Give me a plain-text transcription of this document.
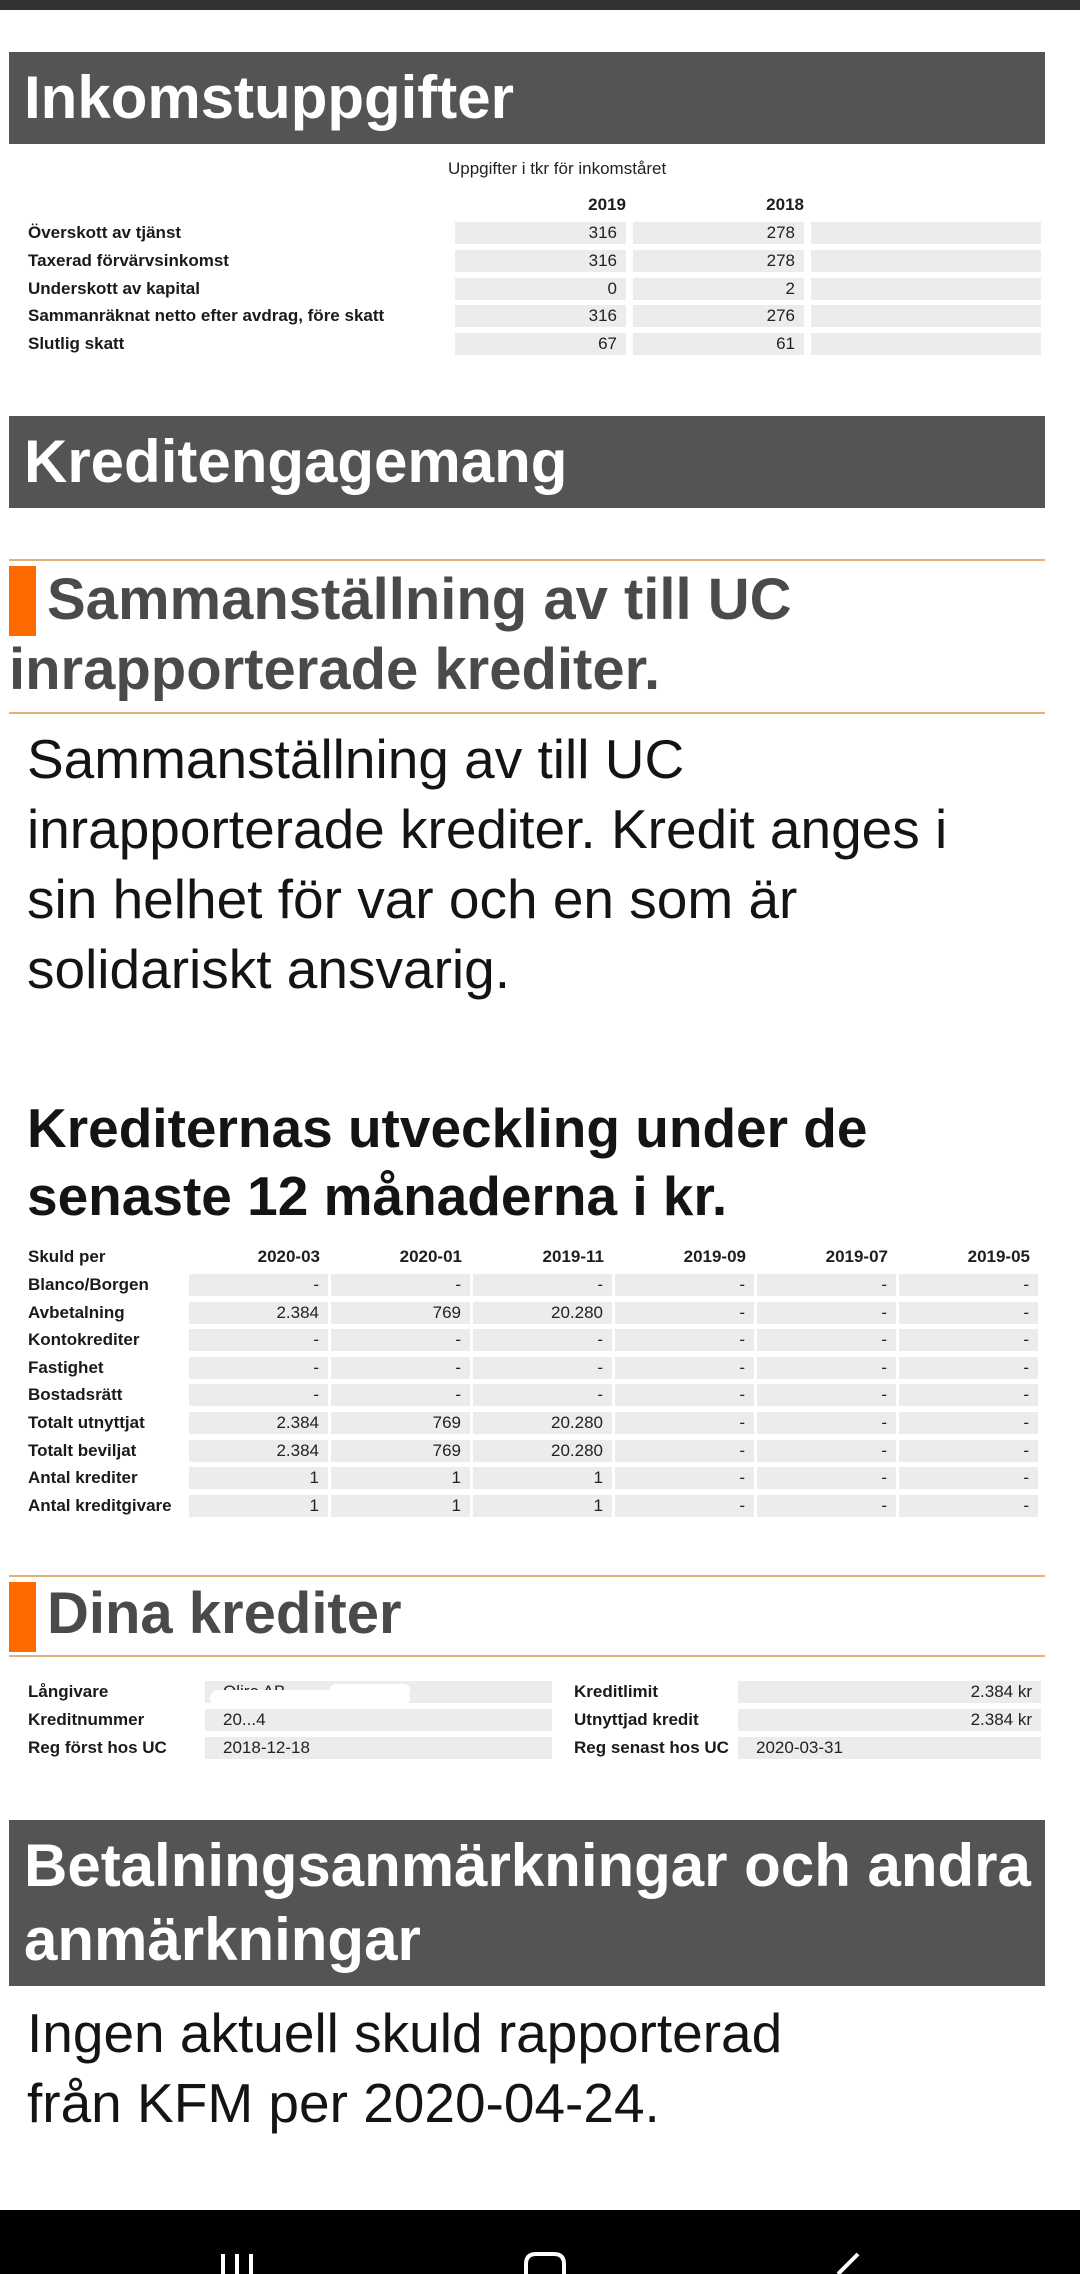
Inkomstuppgifter
Uppgifter i tkr för inkomståret
2019	2018
Överskott av tjänst	316	278
Taxerad förvärvsinkomst	316	278
Underskott av kapital	0	2
Sammanräknat netto efter avdrag, före skatt	316	276
Slutlig skatt	67	61
Kreditengagemang
Sammanställning av till UC inrapporterade krediter.
Sammanställning av till UC inrapporterade krediter. Kredit anges i sin helhet för var och en som är solidariskt ansvarig.
Krediternas utveckling under de senaste 12 månaderna i kr.
Skuld per	2020-03	2020-01	2019-11	2019-09	2019-07	2019-05
Blanco/Borgen	-	-	-	-	-	-
Avbetalning	2.384	769	20.280	-	-	-
Kontokrediter	-	-	-	-	-	-
Fastighet	-	-	-	-	-	-
Bostadsrätt	-	-	-	-	-	-
Totalt utnyttjat	2.384	769	20.280	-	-	-
Totalt beviljat	2.384	769	20.280	-	-	-
Antal krediter	1	1	1	-	-	-
Antal kreditgivare	1	1	1	-	-	-
Dina krediter
Långivare
Kreditnummer	20...4
Reg först hos UC	2018-12-18
Kreditlimit	2.384 kr
Utnyttjad kredit	2.384 kr
Reg senast hos UC	2020-03-31
Betalningsanmärkningar och andra anmärkningar
Ingen aktuell skuld rapporterad från KFM per 2020-04-24.
